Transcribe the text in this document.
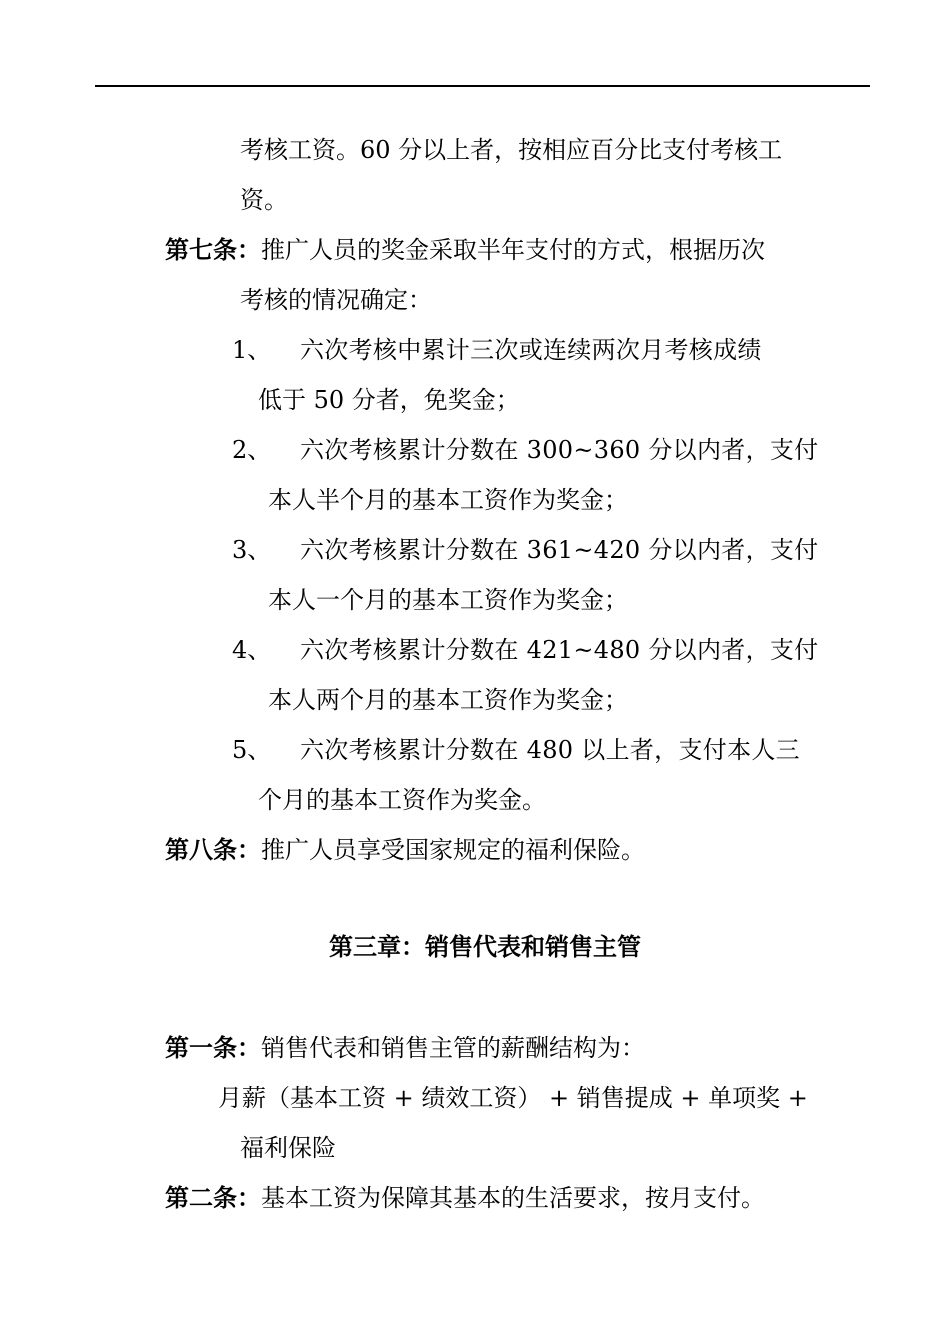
考核工资。60 分以上者，按相应百分比支付考核工
资。
第七条：推广人员的奖金采取半年支付的方式，根据历次
考核的情况确定：
1、 六次考核中累计三次或连续两次月考核成绩
低于 50 分者，免奖金；
2、 六次考核累计分数在 300~360 分以内者，支付
本人半个月的基本工资作为奖金；
3、 六次考核累计分数在 361~420 分以内者，支付
本人一个月的基本工资作为奖金；
4、 六次考核累计分数在 421~480 分以内者，支付
本人两个月的基本工资作为奖金；
5、 六次考核累计分数在 480 以上者，支付本人三
个月的基本工资作为奖金。
第八条：推广人员享受国家规定的福利保险。
第三章：销售代表和销售主管
第一条：销售代表和销售主管的薪酬结构为：
月薪（基本工资 + 绩效工资） + 销售提成 + 单项奖 +
福利保险
第二条：基本工资为保障其基本的生活要求，按月支付。
